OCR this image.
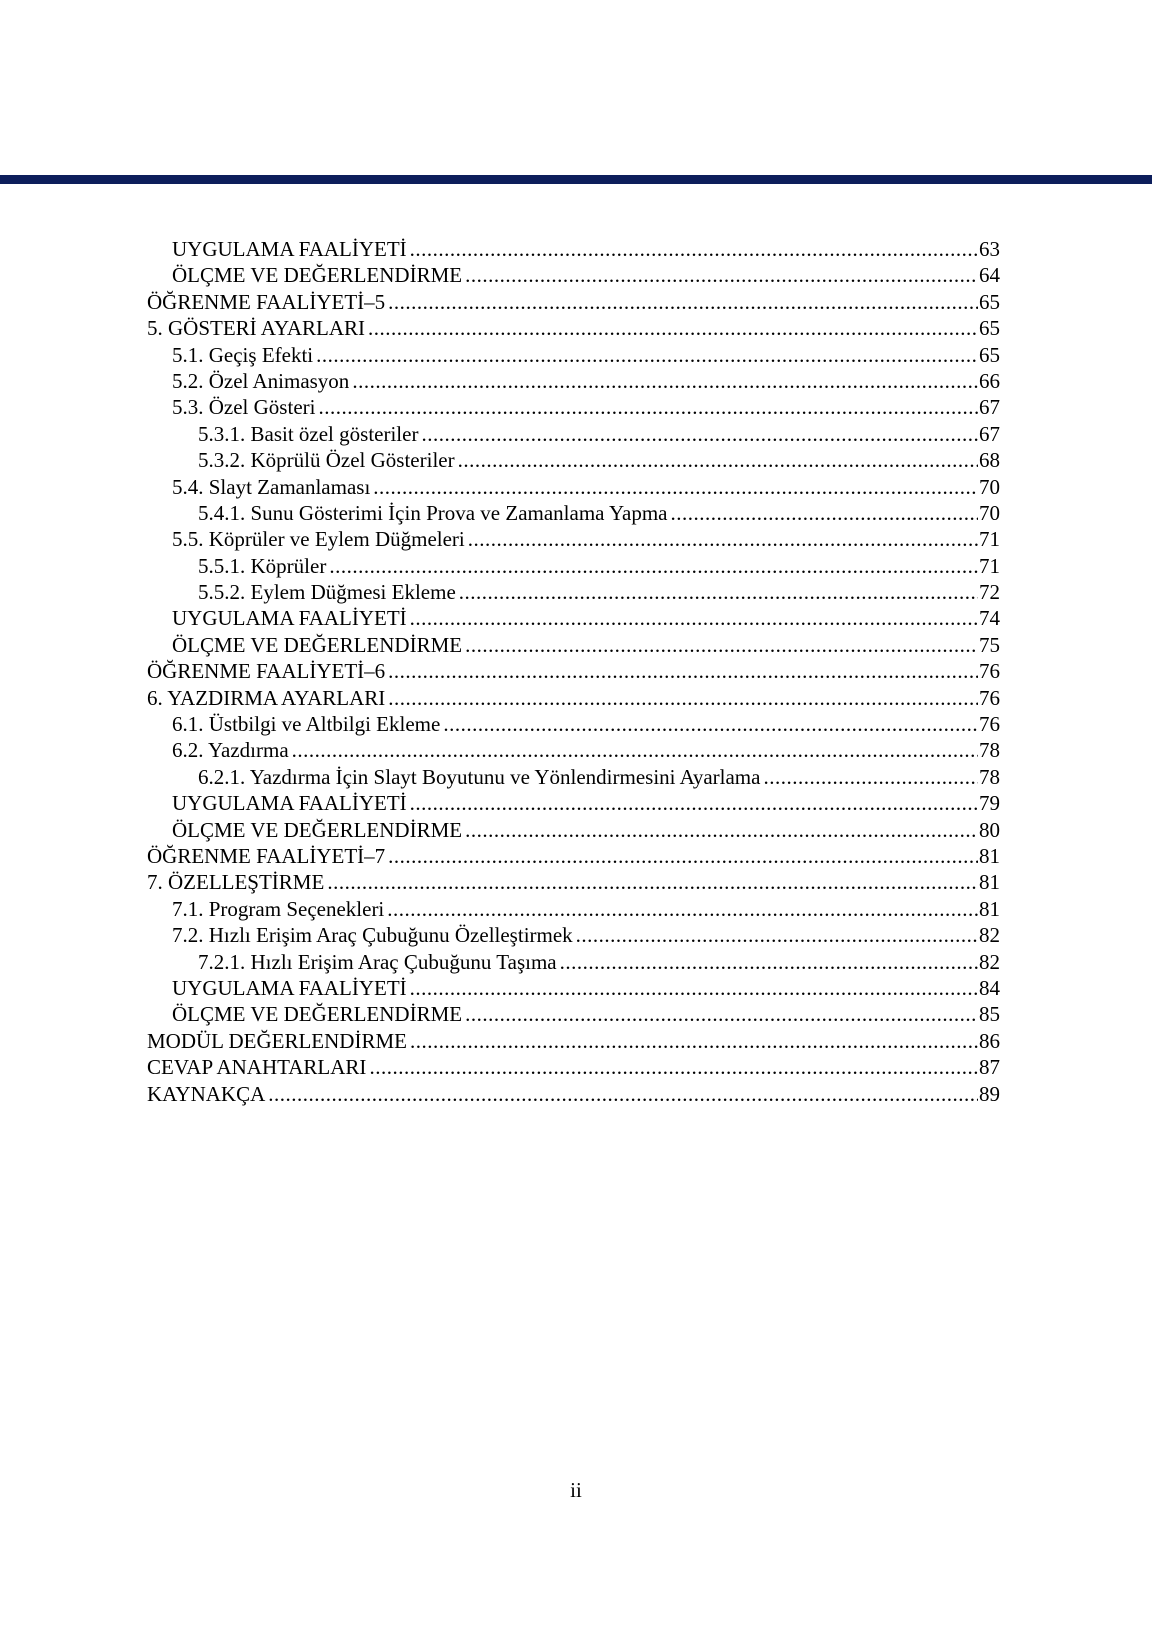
UYGULAMA FAALİYETİ .....	63
ÖLÇME VE DEĞERLENDİRME .....	64
ÖĞRENME FAALİYETİ–5 .....	65
5. GÖSTERİ AYARLARI .....	65
5.1. Geçiş Efekti .....	65
5.2. Özel Animasyon .....	66
5.3. Özel Gösteri .....	67
5.3.1. Basit özel gösteriler .....	67
5.3.2. Köprülü Özel Gösteriler .....	68
5.4. Slayt Zamanlaması .....	70
5.4.1. Sunu Gösterimi İçin Prova ve Zamanlama Yapma .....	70
5.5. Köprüler ve Eylem Düğmeleri .....	71
5.5.1. Köprüler .....	71
5.5.2. Eylem Düğmesi Ekleme .....	72
UYGULAMA FAALİYETİ .....	74
ÖLÇME VE DEĞERLENDİRME .....	75
ÖĞRENME FAALİYETİ–6 .....	76
6. YAZDIRMA AYARLARI .....	76
6.1. Üstbilgi ve Altbilgi Ekleme .....	76
6.2. Yazdırma .....	78
6.2.1. Yazdırma İçin Slayt Boyutunu ve Yönlendirmesini Ayarlama .....	78
UYGULAMA FAALİYETİ .....	79
ÖLÇME VE DEĞERLENDİRME .....	80
ÖĞRENME FAALİYETİ–7 .....	81
7. ÖZELLEŞTİRME .....	81
7.1. Program Seçenekleri .....	81
7.2. Hızlı Erişim Araç Çubuğunu Özelleştirmek .....	82
7.2.1. Hızlı Erişim Araç Çubuğunu Taşıma .....	82
UYGULAMA FAALİYETİ .....	84
ÖLÇME VE DEĞERLENDİRME .....	85
MODÜL DEĞERLENDİRME .....	86
CEVAP ANAHTARLARI .....	87
KAYNAKÇA .....	89
ii
